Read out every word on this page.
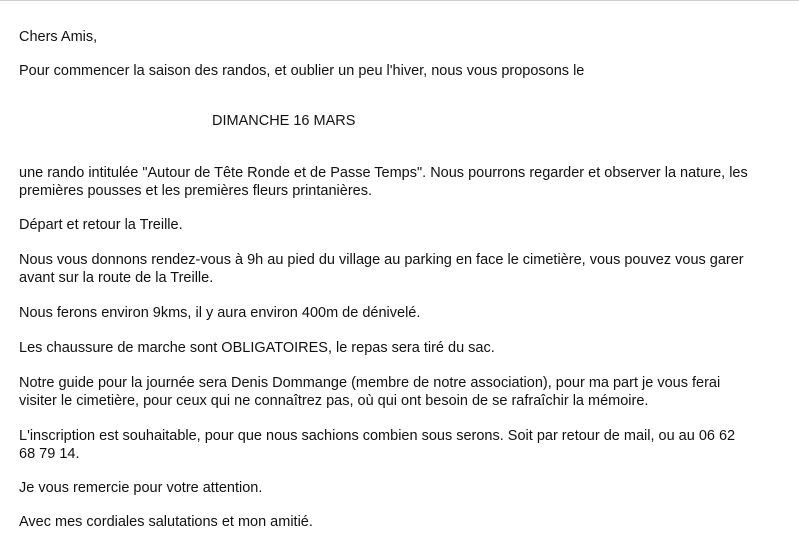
Chers Amis,
Pour commencer la saison des randos, et oublier un peu l'hiver, nous vous proposons le
DIMANCHE 16 MARS
une rando intitulée "Autour de Tête Ronde et de Passe Temps". Nous pourrons regarder et observer la nature, les
premières pousses et les premières fleurs printanières.
Départ et retour la Treille.
Nous vous donnons rendez-vous à 9h au pied du village au parking en face le cimetière, vous pouvez vous garer
avant sur la route de la Treille.
Nous ferons environ 9kms, il y aura environ 400m de dénivelé.
Les chaussure de marche sont OBLIGATOIRES, le repas sera tiré du sac.
Notre guide pour la journée sera Denis Dommange (membre de notre association), pour ma part je vous ferai
visiter le cimetière, pour ceux qui ne connaîtrez pas, où qui ont besoin de se rafraîchir la mémoire.
L'inscription est souhaitable, pour que nous sachions combien sous serons. Soit par retour de mail, ou au 06 62
68 79 14.
Je vous remercie pour votre attention.
Avec mes cordiales salutations et mon amitié.
